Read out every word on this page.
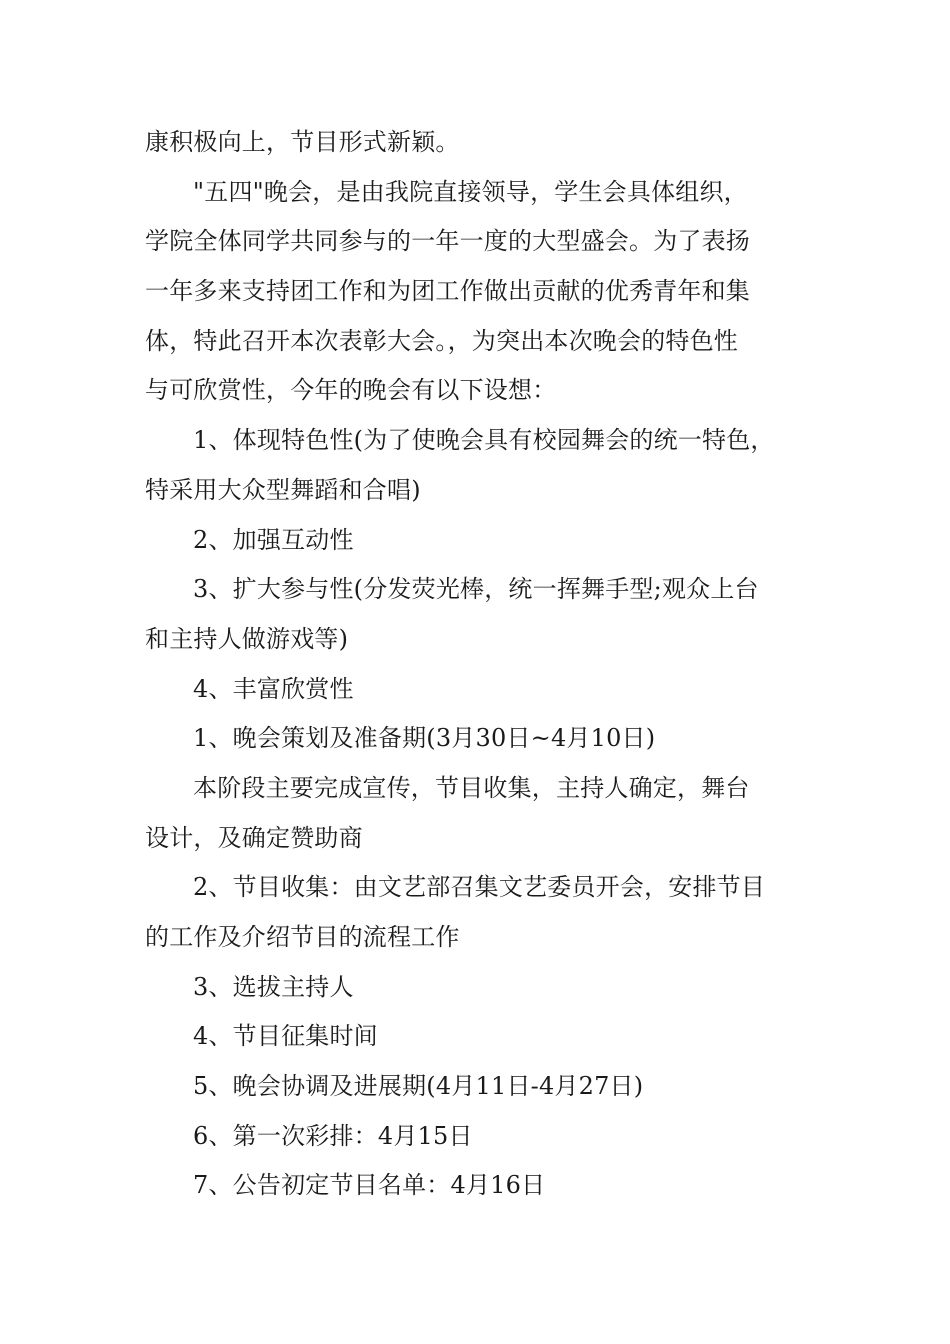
康积极向上，节目形式新颖。
"五四"晚会，是由我院直接领导，学生会具体组织，
学院全体同学共同参与的一年一度的大型盛会。为了表扬
一年多来支持团工作和为团工作做出贡献的优秀青年和集
体，特此召开本次表彰大会。，为突出本次晚会的特色性
与可欣赏性，今年的晚会有以下设想：
1、体现特色性(为了使晚会具有校园舞会的统一特色，
特采用大众型舞蹈和合唱)
2、加强互动性
3、扩大参与性(分发荧光棒，统一挥舞手型;观众上台
和主持人做游戏等)
4、丰富欣赏性
1、晚会策划及准备期(3月30日~4月10日)
本阶段主要完成宣传，节目收集，主持人确定，舞台
设计，及确定赞助商
2、节目收集：由文艺部召集文艺委员开会，安排节目
的工作及介绍节目的流程工作
3、选拔主持人
4、节目征集时间
5、晚会协调及进展期(4月11日-4月27日)
6、第一次彩排：4月15日
7、公告初定节目名单：4月16日
